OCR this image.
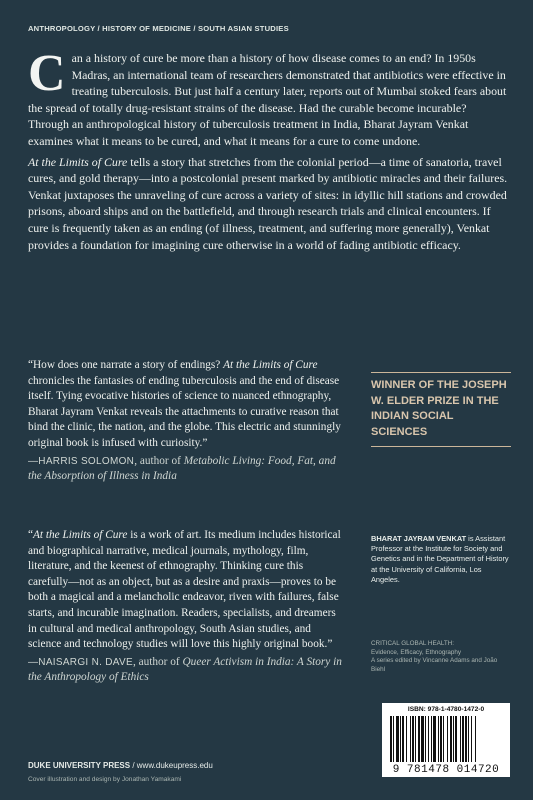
ANTHROPOLOGY / HISTORY OF MEDICINE / SOUTH ASIAN STUDIES

Can a history of cure be more than a history of how disease comes to an end? In 1950s Madras, an international team of researchers demonstrated that antibiotics were effective in treating tuberculosis. But just half a century later, reports out of Mumbai stoked fears about the spread of totally drug-resistant strains of the disease. Had the curable become incurable? Through an anthropological history of tuberculosis treatment in India, Bharat Jayram Venkat examines what it means to be cured, and what it means for a cure to come undone.

At the Limits of Cure tells a story that stretches from the colonial period—a time of sanatoria, travel cures, and gold therapy—into a postcolonial present marked by antibiotic miracles and their failures. Venkat juxtaposes the unraveling of cure across a variety of sites: in idyllic hill stations and crowded prisons, aboard ships and on the battlefield, and through research trials and clinical encounters. If cure is frequently taken as an ending (of illness, treatment, and suffering more generally), Venkat provides a foundation for imagining cure otherwise in a world of fading antibiotic efficacy.

“How does one narrate a story of endings? At the Limits of Cure chronicles the fantasies of ending tuberculosis and the end of disease itself. Tying evocative histories of science to nuanced ethnography, Bharat Jayram Venkat reveals the attachments to curative reason that bind the clinic, the nation, and the globe. This electric and stunningly original book is infused with curiosity.”
—HARRIS SOLOMON, author of Metabolic Living: Food, Fat, and the Absorption of Illness in India
“At the Limits of Cure is a work of art. Its medium includes historical and biographical narrative, medical journals, mythology, film, literature, and the keenest of ethnography. Thinking cure this carefully—not as an object, but as a desire and praxis—proves to be both a magical and a melancholic endeavor, riven with failures, false starts, and incurable imagination. Readers, specialists, and dreamers in cultural and medical anthropology, South Asian studies, and science and technology studies will love this highly original book.”
—NAISARGI N. DAVE, author of Queer Activism in India: A Story in the Anthropology of Ethics
WINNER OF THE JOSEPH W. ELDER PRIZE IN THE INDIAN SOCIAL SCIENCES
BHARAT JAYRAM VENKAT is Assistant Professor at the Institute for Society and Genetics and in the Department of History at the University of California, Los Angeles.
CRITICAL GLOBAL HEALTH:
Evidence, Efficacy, Ethnography
A series edited by Vincanne Adams and João Biehl
ISBN: 978-1-4780-1472-0
9 781478 014720
DUKE UNIVERSITY PRESS / www.dukeupress.edu
Cover illustration and design by Jonathan Yamakami
